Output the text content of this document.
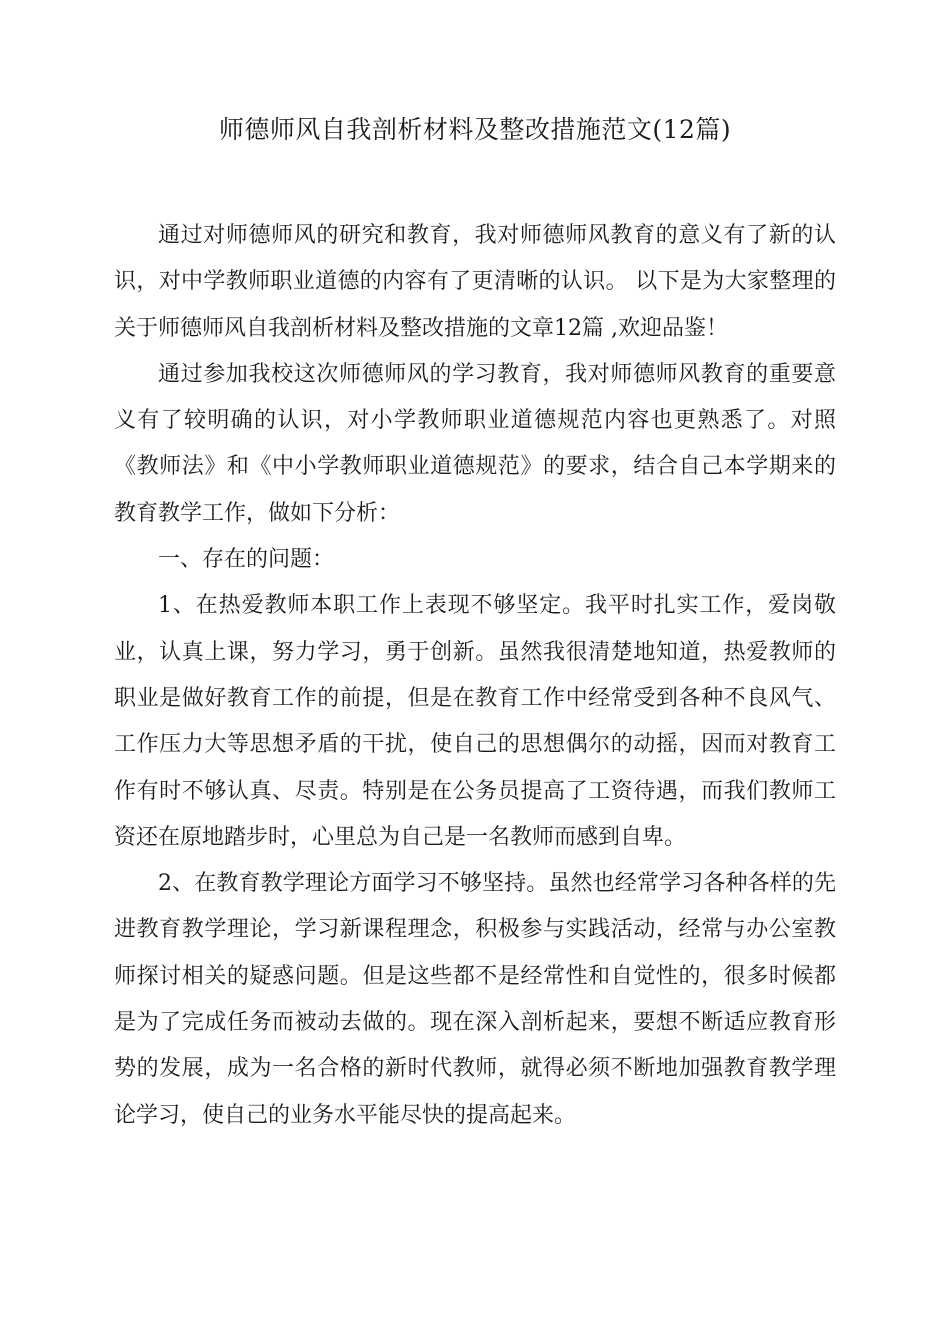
师德师风自我剖析材料及整改措施范文(12篇)

通过对师德师风的研究和教育，我对师德师风教育的意义有了新的认识，对中学教师职业道德的内容有了更清晰的认识。 以下是为大家整理的关于师德师风自我剖析材料及整改措施的文章12篇 ,欢迎品鉴！

通过参加我校这次师德师风的学习教育，我对师德师风教育的重要意义有了较明确的认识，对小学教师职业道德规范内容也更熟悉了。对照《教师法》和《中小学教师职业道德规范》的要求，结合自己本学期来的教育教学工作，做如下分析：

一、存在的问题：

1、在热爱教师本职工作上表现不够坚定。我平时扎实工作，爱岗敬业，认真上课，努力学习，勇于创新。虽然我很清楚地知道，热爱教师的职业是做好教育工作的前提，但是在教育工作中经常受到各种不良风气、工作压力大等思想矛盾的干扰，使自己的思想偶尔的动摇，因而对教育工作有时不够认真、尽责。特别是在公务员提高了工资待遇，而我们教师工资还在原地踏步时，心里总为自己是一名教师而感到自卑。

2、在教育教学理论方面学习不够坚持。虽然也经常学习各种各样的先进教育教学理论，学习新课程理念，积极参与实践活动，经常与办公室教师探讨相关的疑惑问题。但是这些都不是经常性和自觉性的，很多时候都是为了完成任务而被动去做的。现在深入剖析起来，要想不断适应教育形势的发展，成为一名合格的新时代教师，就得必须不断地加强教育教学理论学习，使自己的业务水平能尽快的提高起来。
